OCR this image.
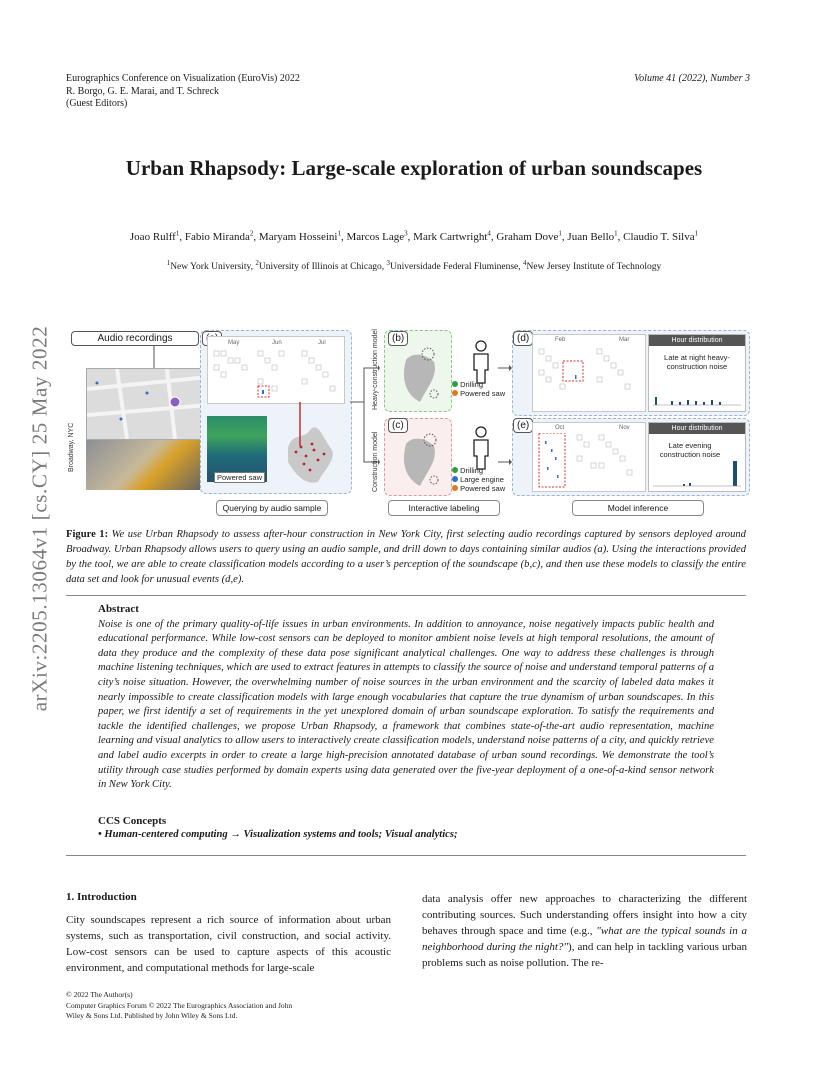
Eurographics Conference on Visualization (EuroVis) 2022
R. Borgo, G. E. Marai, and T. Schreck
(Guest Editors)
Volume 41 (2022), Number 3
arXiv:2205.13064v1 [cs.CY] 25 May 2022
Urban Rhapsody: Large-scale exploration of urban soundscapes
Joao Rulff$^1$, Fabio Miranda$^2$, Maryam Hosseini$^1$, Marcos Lage$^3$, Mark Cartwright$^4$, Graham Dove$^1$, Juan Bello$^1$, Claudio T. Silva$^1$
$^1$New York University, $^2$University of Illinois at Chicago, $^3$Universidade Federal Fluminense, $^4$New Jersey Institute of Technology
Audio recordings
Broadway, NYC
May	Jun	Jul
Powered saw
Querying by audio sample
(b)
Heavy-construction model	Drilling
Powered saw
(c)
Construction model	Drilling
Large engine
Powered saw
Interactive labeling
(d)	Feb	Mar	Hour distribution
Late at night heavy-construction noise
(e)	Oct	Nov	Hour distribution
Late evening construction noise
Model inference
Figure 1: We use Urban Rhapsody to assess after-hour construction in New York City, first selecting audio recordings captured by sensors deployed around Broadway. Urban Rhapsody allows users to query using an audio sample, and drill down to days containing similar audios (a). Using the interactions provided by the tool, we are able to create classification models according to a user’s perception of the soundscape (b,c), and then use these models to classify the entire data set and look for unusual events (d,e).
Abstract

Noise is one of the primary quality-of-life issues in urban environments. In addition to annoyance, noise negatively impacts public health and educational performance. While low-cost sensors can be deployed to monitor ambient noise levels at high temporal resolutions, the amount of data they produce and the complexity of these data pose significant analytical challenges. One way to address these challenges is through machine listening techniques, which are used to extract features in attempts to classify the source of noise and understand temporal patterns of a city’s noise situation. However, the overwhelming number of noise sources in the urban environment and the scarcity of labeled data makes it nearly impossible to create classification models with large enough vocabularies that capture the true dynamism of urban soundscapes. In this paper, we first identify a set of requirements in the yet unexplored domain of urban soundscape exploration. To satisfy the requirements and tackle the identified challenges, we propose Urban Rhapsody, a framework that combines state-of-the-art audio representation, machine learning and visual analytics to allow users to interactively create classification models, understand noise patterns of a city, and quickly retrieve and label audio excerpts in order to create a large high-precision annotated database of urban sound recordings. We demonstrate the tool’s utility through case studies performed by domain experts using data generated over the five-year deployment of a one-of-a-kind sensor network in New York City.

CCS Concepts

• Human-centered computing → Visualization systems and tools; Visual analytics;

1. Introduction

City soundscapes represent a rich source of information about urban systems, such as transportation, civil construction, and social activity. Low-cost sensors can be used to capture aspects of this acoustic environment, and computational methods for large-scale

data analysis offer new approaches to characterizing the different contributing sources. Such understanding offers insight into how a city behaves through space and time (e.g., "what are the typical sounds in a neighborhood during the night?"), and can help in tackling various urban problems such as noise pollution. The re-

© 2022 The Author(s)
Computer Graphics Forum © 2022 The Eurographics Association and John
Wiley & Sons Ltd. Published by John Wiley & Sons Ltd.
